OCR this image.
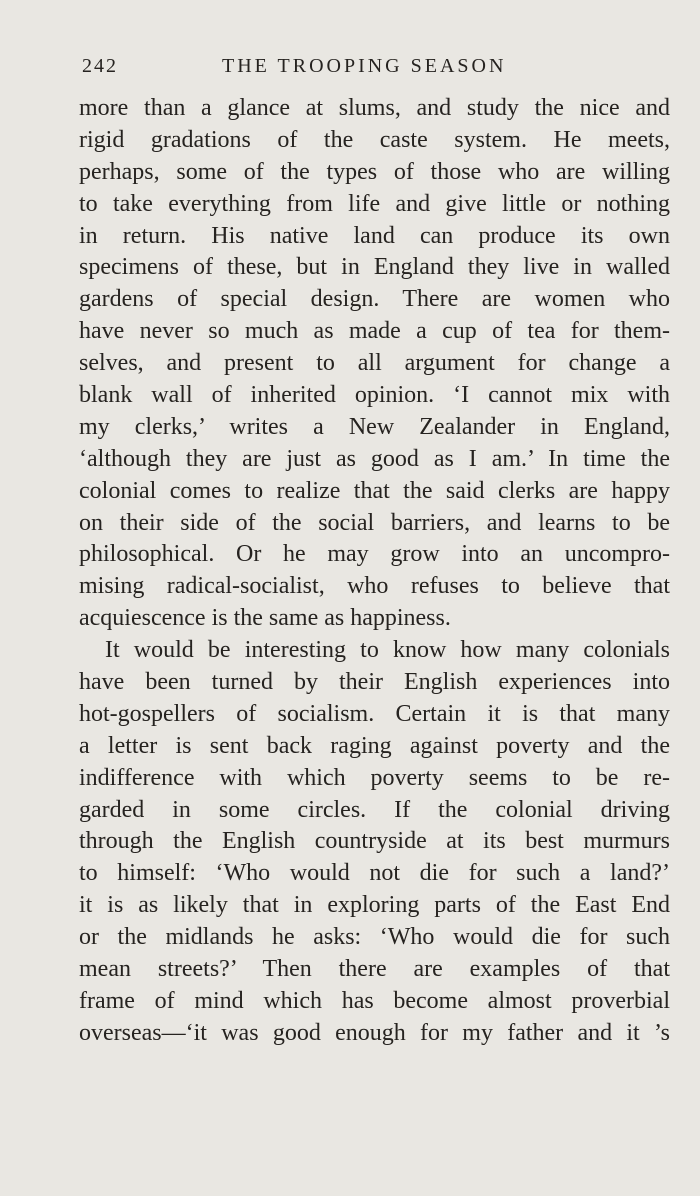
242	THE TROOPING SEASON
more than a glance at slums, and study the nice and
rigid gradations of the caste system. He meets,
perhaps, some of the types of those who are willing
to take everything from life and give little or nothing
in return. His native land can produce its own
specimens of these, but in England they live in walled
gardens of special design. There are women who
have never so much as made a cup of tea for them-
selves, and present to all argument for change a
blank wall of inherited opinion. ‘I cannot mix with
my clerks,’ writes a New Zealander in England,
‘although they are just as good as I am.’ In time the
colonial comes to realize that the said clerks are happy
on their side of the social barriers, and learns to be
philosophical. Or he may grow into an uncompro-
mising radical-socialist, who refuses to believe that
acquiescence is the same as happiness.
It would be interesting to know how many colonials
have been turned by their English experiences into
hot-gospellers of socialism. Certain it is that many
a letter is sent back raging against poverty and the
indifference with which poverty seems to be re-
garded in some circles. If the colonial driving
through the English countryside at its best murmurs
to himself: ‘Who would not die for such a land?’
it is as likely that in exploring parts of the East End
or the midlands he asks: ‘Who would die for such
mean streets?’ Then there are examples of that
frame of mind which has become almost proverbial
overseas—‘it was good enough for my father and it ’s
